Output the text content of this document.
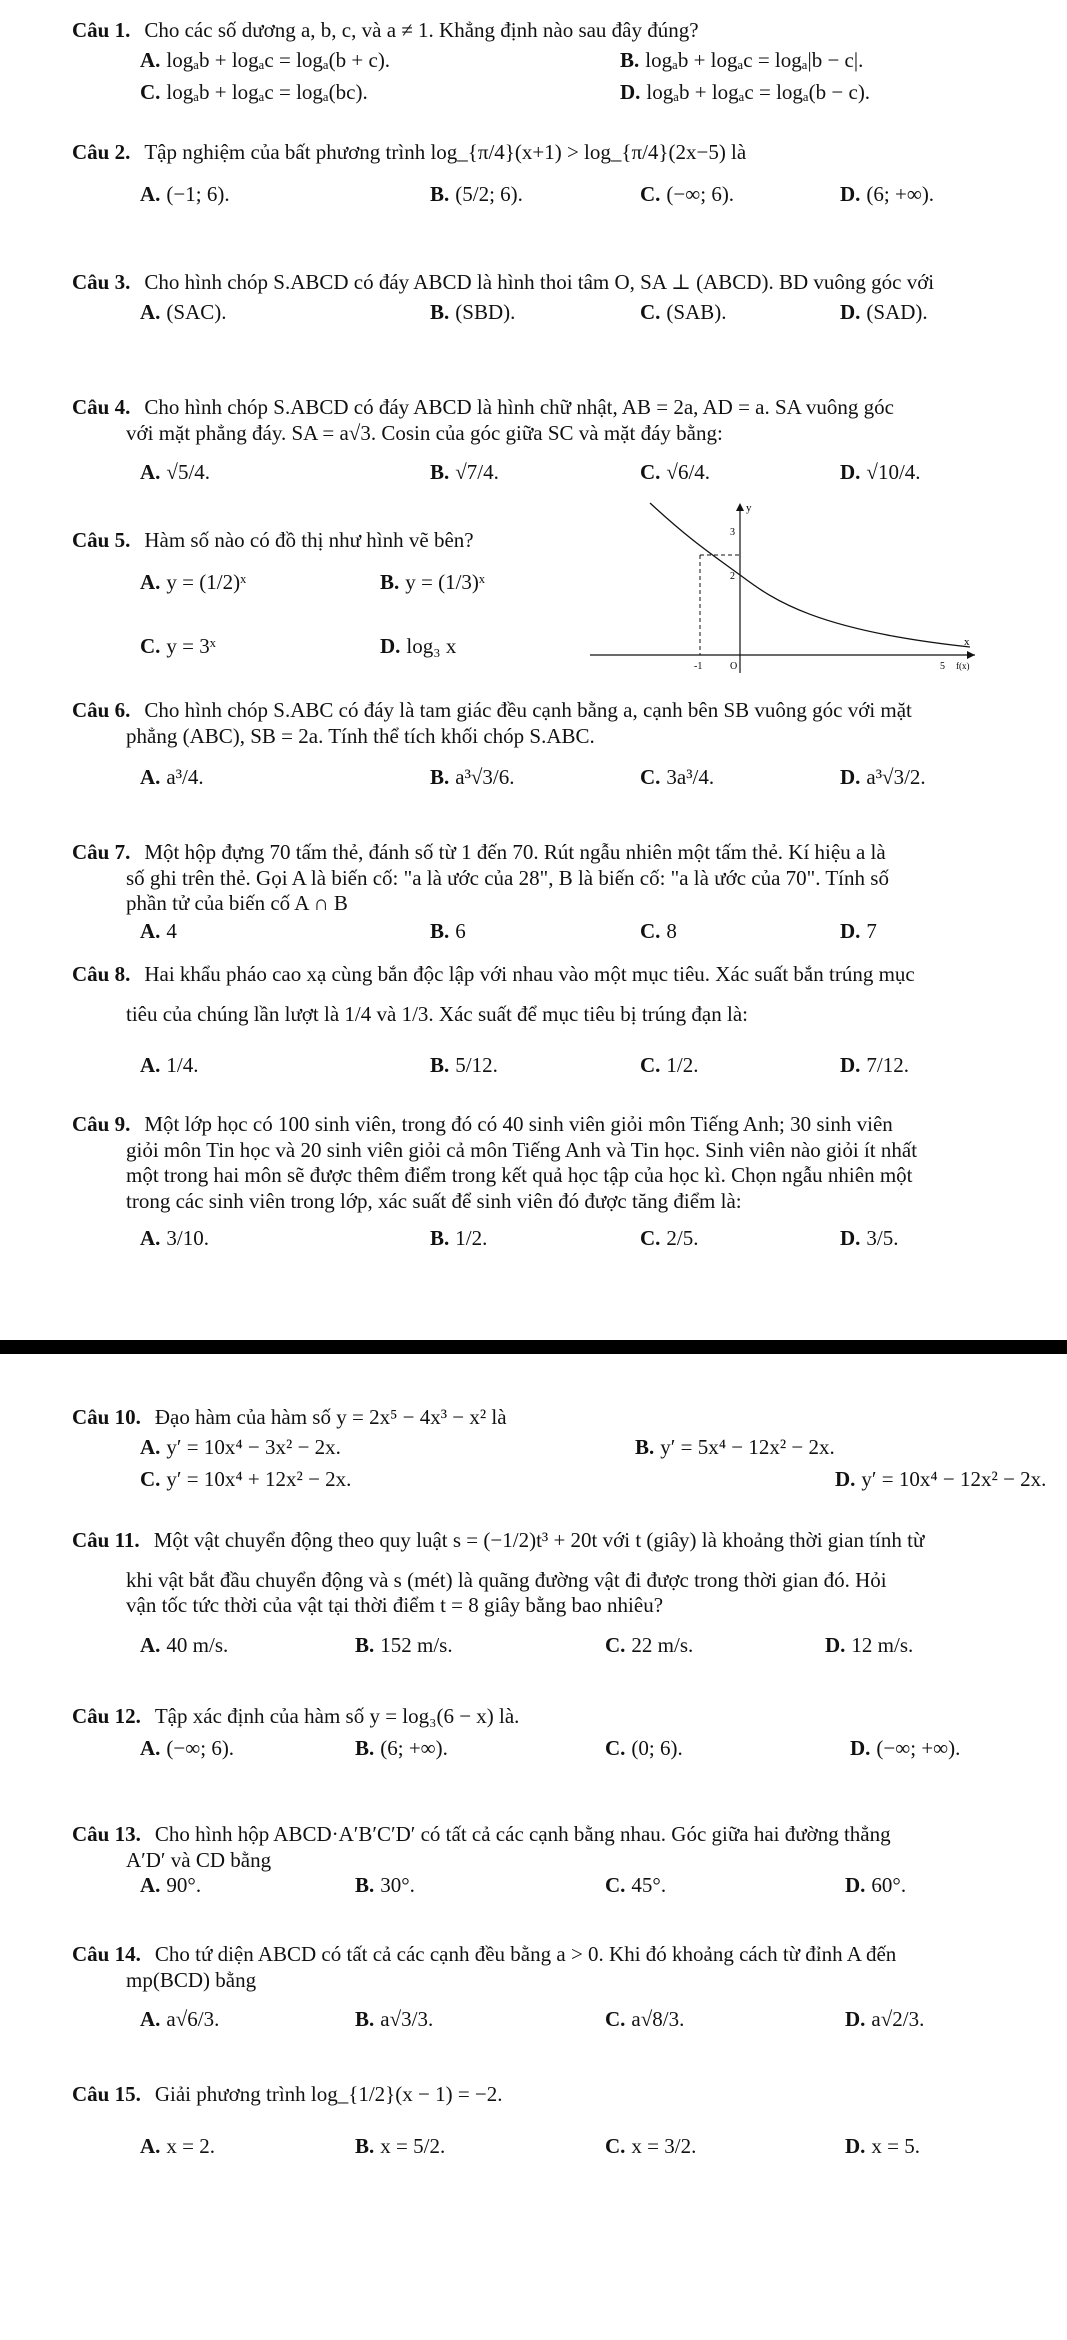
Câu 1. Cho các số dương a, b, c, và a ≠ 1. Khẳng định nào sau đây đúng?
A. logₐb + logₐc = logₐ(b + c).	B. logₐb + logₐc = logₐ|b − c|.
C. logₐb + logₐc = logₐ(bc).	D. logₐb + logₐc = logₐ(b − c).
Câu 2. Tập nghiệm của bất phương trình log_{π/4}(x+1) > log_{π/4}(2x−5) là
A. (−1; 6).	B. (5/2; 6).	C. (−∞; 6).	D. (6; +∞).
Câu 3. Cho hình chóp S.ABCD có đáy ABCD là hình thoi tâm O, SA ⊥ (ABCD). BD vuông góc với
A. (SAC).	B. (SBD).	C. (SAB).	D. (SAD).
Câu 4. Cho hình chóp S.ABCD có đáy ABCD là hình chữ nhật, AB = 2a, AD = a. SA vuông góc
với mặt phẳng đáy. SA = a√3. Cosin của góc giữa SC và mặt đáy bằng:
A. √5/4.	B. √7/4.	C. √6/4.	D. √10/4.
Câu 5. Hàm số nào có đồ thị như hình vẽ bên?
A. y = (1/2)ˣ	B. y = (1/3)ˣ
C. y = 3ˣ	D. log₃ x
y
x
3
2
-1	O	5 f(x)
Câu 6. Cho hình chóp S.ABC có đáy là tam giác đều cạnh bằng a, cạnh bên SB vuông góc với mặt
phẳng (ABC), SB = 2a. Tính thể tích khối chóp S.ABC.
A. a³/4.	B. a³√3/6.	C. 3a³/4.	D. a³√3/2.
Câu 7. Một hộp đựng 70 tấm thẻ, đánh số từ 1 đến 70. Rút ngẫu nhiên một tấm thẻ. Kí hiệu a là
số ghi trên thẻ. Gọi A là biến cố: "a là ước của 28", B là biến cố: "a là ước của 70". Tính số
phần tử của biến cố A ∩ B
A. 4	B. 6	C. 8	D. 7
Câu 8. Hai khẩu pháo cao xạ cùng bắn độc lập với nhau vào một mục tiêu. Xác suất bắn trúng mục
tiêu của chúng lần lượt là 1/4 và 1/3. Xác suất để mục tiêu bị trúng đạn là:
A. 1/4.	B. 5/12.	C. 1/2.	D. 7/12.
Câu 9. Một lớp học có 100 sinh viên, trong đó có 40 sinh viên giỏi môn Tiếng Anh; 30 sinh viên
giỏi môn Tin học và 20 sinh viên giỏi cả môn Tiếng Anh và Tin học. Sinh viên nào giỏi ít nhất
một trong hai môn sẽ được thêm điểm trong kết quả học tập của học kì. Chọn ngẫu nhiên một
trong các sinh viên trong lớp, xác suất để sinh viên đó được tăng điểm là:
A. 3/10.	B. 1/2.	C. 2/5.	D. 3/5.
Câu 10. Đạo hàm của hàm số y = 2x⁵ − 4x³ − x² là
A. y′ = 10x⁴ − 3x² − 2x.	B. y′ = 5x⁴ − 12x² − 2x.
C. y′ = 10x⁴ + 12x² − 2x.	D. y′ = 10x⁴ − 12x² − 2x.
Câu 11. Một vật chuyển động theo quy luật s = (−1/2)t³ + 20t với t (giây) là khoảng thời gian tính từ
khi vật bắt đầu chuyển động và s (mét) là quãng đường vật đi được trong thời gian đó. Hỏi
vận tốc tức thời của vật tại thời điểm t = 8 giây bằng bao nhiêu?
A. 40 m/s.	B. 152 m/s.	C. 22 m/s.	D. 12 m/s.
Câu 12. Tập xác định của hàm số y = log₃(6 − x) là.
A. (−∞; 6).	B. (6; +∞).	C. (0; 6).	D. (−∞; +∞).
Câu 13. Cho hình hộp ABCD·A′B′C′D′ có tất cả các cạnh bằng nhau. Góc giữa hai đường thẳng
A′D′ và CD bằng
A. 90°.	B. 30°.	C. 45°.	D. 60°.
Câu 14. Cho tứ diện ABCD có tất cả các cạnh đều bằng a > 0. Khi đó khoảng cách từ đỉnh A đến
mp(BCD) bằng
A. a√6/3.	B. a√3/3.	C. a√8/3.	D. a√2/3.
Câu 15. Giải phương trình log_{1/2}(x − 1) = −2.
A. x = 2.	B. x = 5/2.	C. x = 3/2.	D. x = 5.
